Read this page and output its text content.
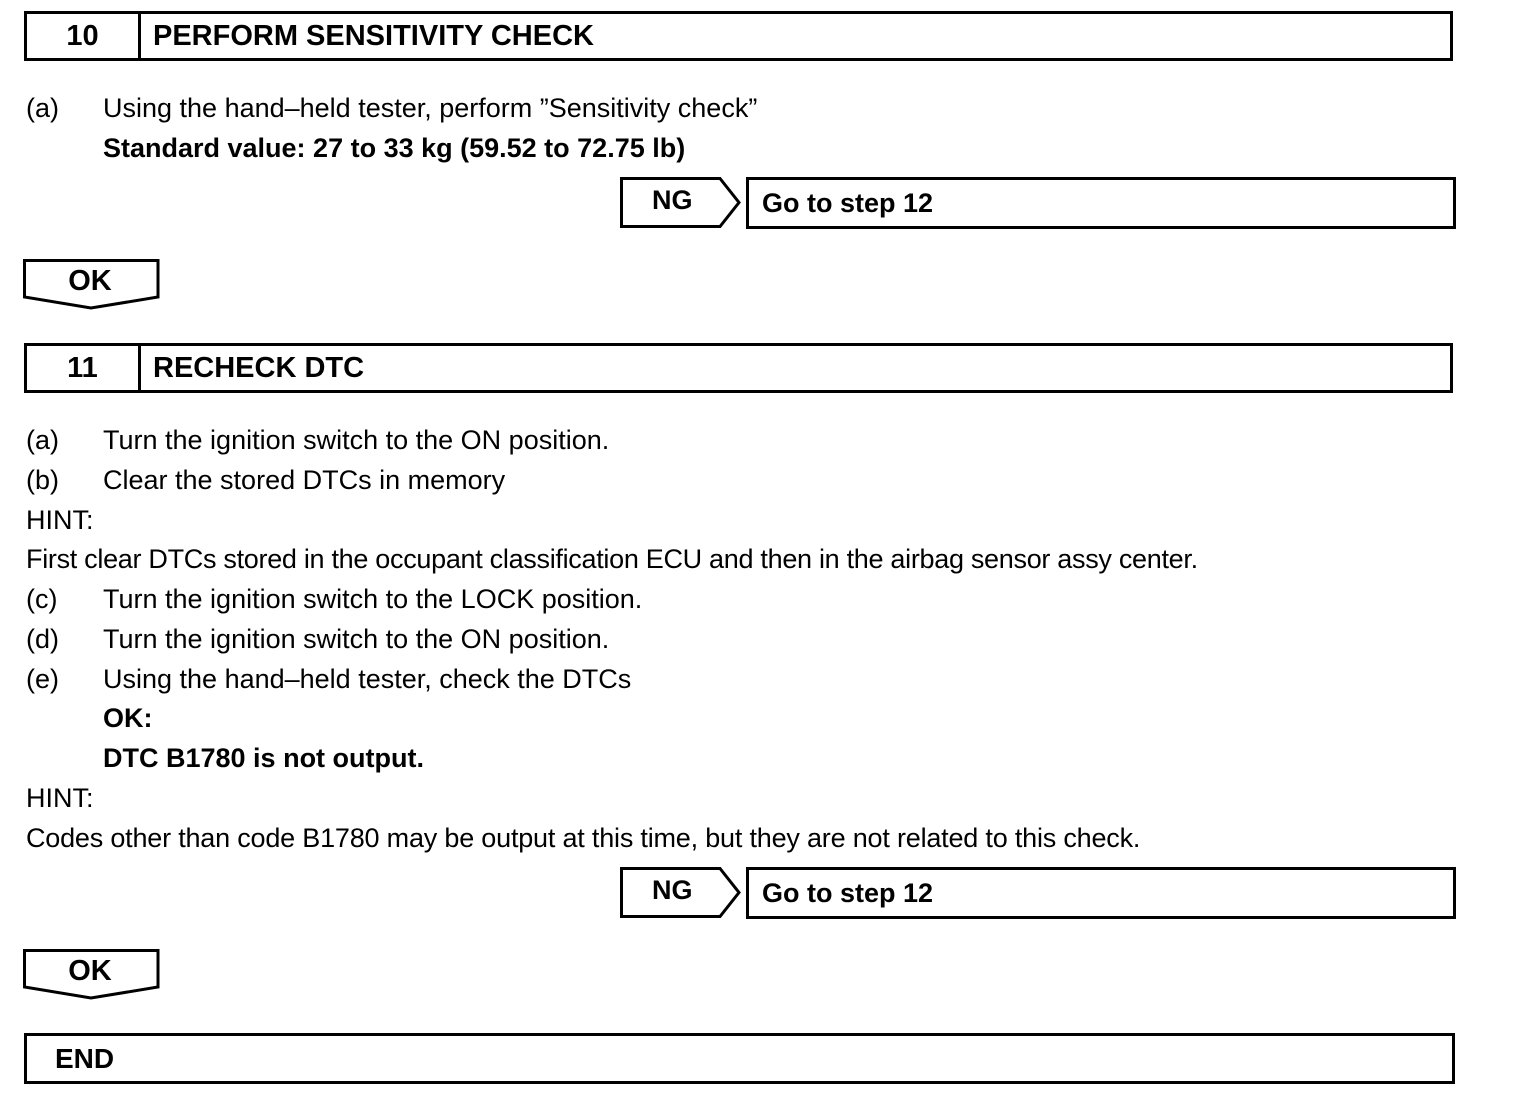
10	PERFORM SENSITIVITY CHECK
(a) Using the hand–held tester, perform ”Sensitivity check”
Standard value: 27 to 33 kg (59.52 to 72.75 lb)
NG	Go to step 12
OK
11	RECHECK DTC
(a) Turn the ignition switch to the ON position.
(b) Clear the stored DTCs in memory
HINT:
First clear DTCs stored in the occupant classification ECU and then in the airbag sensor assy center.
(c) Turn the ignition switch to the LOCK position.
(d) Turn the ignition switch to the ON position.
(e) Using the hand–held tester, check the DTCs
OK:
DTC B1780 is not output.
HINT:
Codes other than code B1780 may be output at this time, but they are not related to this check.
NG	Go to step 12
OK
END
